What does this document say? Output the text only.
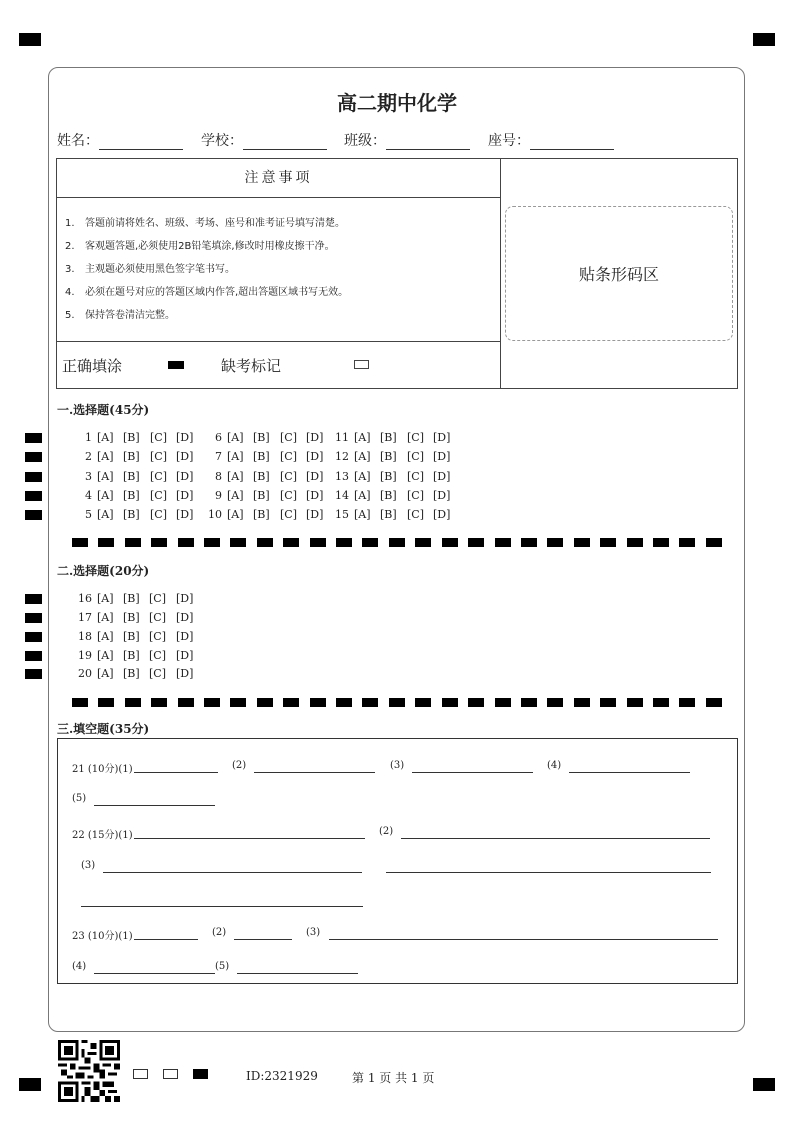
高二期中化学
姓名：	学校：	班级：	座号：
注意事项
1. 答题前请将姓名、班级、考场、座号和准考证号填写清楚。
2. 客观题答题,必须使用2B铅笔填涂,修改时用橡皮擦干净。
3. 主观题必须使用黑色签字笔书写。
4. 必须在题号对应的答题区域内作答,超出答题区域书写无效。
5. 保持答卷清洁完整。
正确填涂	缺考标记
贴条形码区
一.选择题(45分)
1 [A] [B] [C] [D]
2 [A] [B] [C] [D]
3 [A] [B] [C] [D]
4 [A] [B] [C] [D]
5 [A] [B] [C] [D]
6 [A] [B] [C] [D]
7 [A] [B] [C] [D]
8 [A] [B] [C] [D]
9 [A] [B] [C] [D]
10 [A] [B] [C] [D]
11 [A] [B] [C] [D]
12 [A] [B] [C] [D]
13 [A] [B] [C] [D]
14 [A] [B] [C] [D]
15 [A] [B] [C] [D]
二.选择题(20分)
16 [A] [B] [C] [D]
17 [A] [B] [C] [D]
18 [A] [B] [C] [D]
19 [A] [B] [C] [D]
20 [A] [B] [C] [D]
三.填空题(35分)
21 (10分)(1)	(2)	(3)	(4)
(5)
22 (15分)(1)	(2)
(3)
23 (10分)(1)	(2)	(3)
(4)	(5)
ID:2321929	第 1 页 共 1 页
